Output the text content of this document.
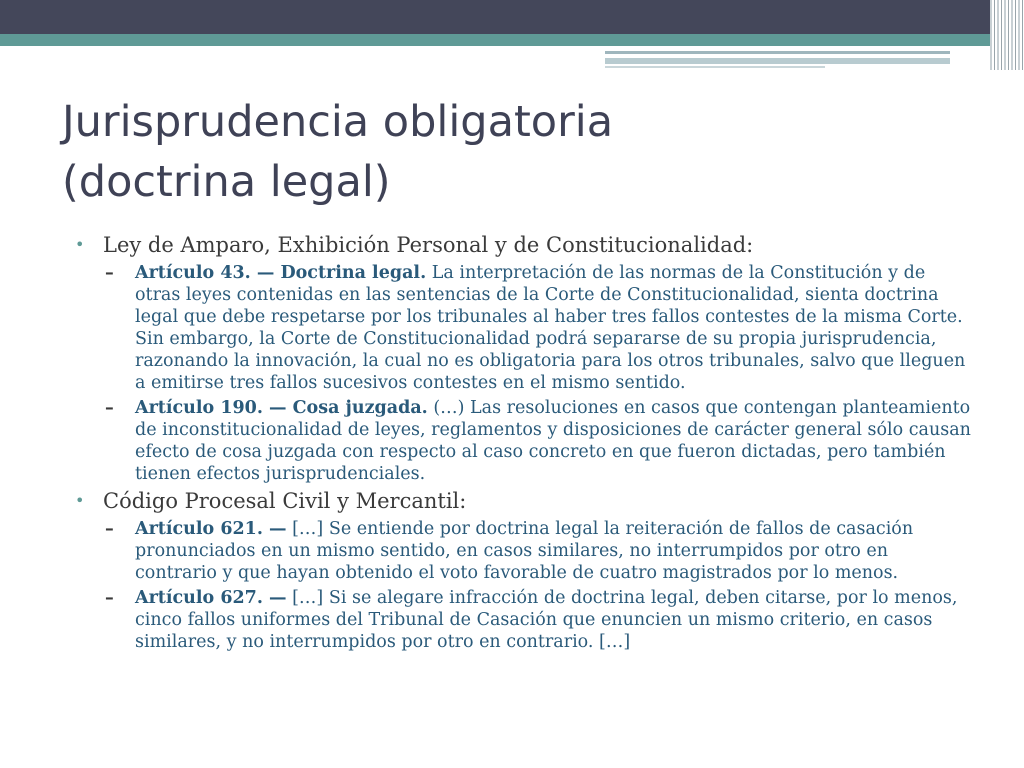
Jurisprudencia obligatoria
(doctrina legal)
• Ley de Amparo, Exhibición Personal y de Constitucionalidad:
– Artículo 43. — Doctrina legal. La interpretación de las normas de la Constitución y de otras leyes contenidas en las sentencias de la Corte de Constitucionalidad, sienta doctrina legal que debe respetarse por los tribunales al haber tres fallos contestes de la misma Corte. Sin embargo, la Corte de Constitucionalidad podrá separarse de su propia jurisprudencia, razonando la innovación, la cual no es obligatoria para los otros tribunales, salvo que lleguen a emitirse tres fallos sucesivos contestes en el mismo sentido.
– Artículo 190. — Cosa juzgada. (…) Las resoluciones en casos que contengan planteamiento de inconstitucionalidad de leyes, reglamentos y disposiciones de carácter general sólo causan efecto de cosa juzgada con respecto al caso concreto en que fueron dictadas, pero también tienen efectos jurisprudenciales.
• Código Procesal Civil y Mercantil:
– Artículo 621. — […] Se entiende por doctrina legal la reiteración de fallos de casación pronunciados en un mismo sentido, en casos similares, no interrumpidos por otro en contrario y que hayan obtenido el voto favorable de cuatro magistrados por lo menos.
– Artículo 627. — […] Si se alegare infracción de doctrina legal, deben citarse, por lo menos, cinco fallos uniformes del Tribunal de Casación que enuncien un mismo criterio, en casos similares, y no interrumpidos por otro en contrario. […]
